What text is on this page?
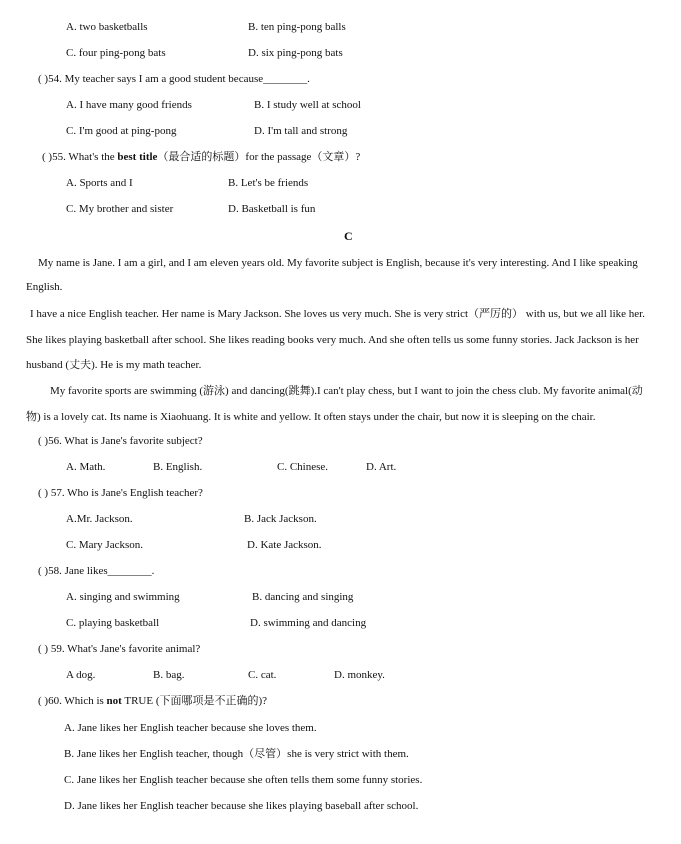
A. two basketballs	B. ten ping-pong balls
C. four ping-pong bats	D. six ping-pong bats
( )54. My teacher says I am a good student because________.
A. I have many good friends	B. I study well at school
C. I'm good at ping-pong	D. I'm tall and strong
( )55. What's the best title（最合适的标题）for the passage（文章）?
A. Sports and I	B. Let's be friends
C. My brother and sister	D. Basketball is fun
C
My name is Jane. I am a girl, and I am eleven years old. My favorite subject is English, because it's very interesting. And I like speaking
English.
I have a nice English teacher. Her name is Mary Jackson. She loves us very much. She is very strict（严厉的） with us, but we all like her.
She likes playing basketball after school. She likes reading books very much. And she often tells us some funny stories. Jack Jackson is her
husband (丈夫). He is my math teacher.
My favorite sports are swimming (游泳) and dancing(跳舞).I can't play chess, but I want to join the chess club. My favorite animal(动
物) is a lovely cat. Its name is Xiaohuang. It is white and yellow. It often stays under the chair, but now it is sleeping on the chair.
( )56. What is Jane's favorite subject?
A. Math.	B. English.	C. Chinese.	D. Art.
( ) 57. Who is Jane's English teacher?
A.Mr. Jackson.	B. Jack Jackson.
C. Mary Jackson.	D. Kate Jackson.
( )58. Jane likes________.
A. singing and swimming	B. dancing and singing
C. playing basketball	D. swimming and dancing
( ) 59. What's Jane's favorite animal?
A dog.	B. bag.	C. cat.	D. monkey.
( )60. Which is not TRUE (下面哪项是不正确的)?
A. Jane likes her English teacher because she loves them.
B. Jane likes her English teacher, though（尽管）she is very strict with them.
C. Jane likes her English teacher because she often tells them some funny stories.
D. Jane likes her English teacher because she likes playing baseball after school.
